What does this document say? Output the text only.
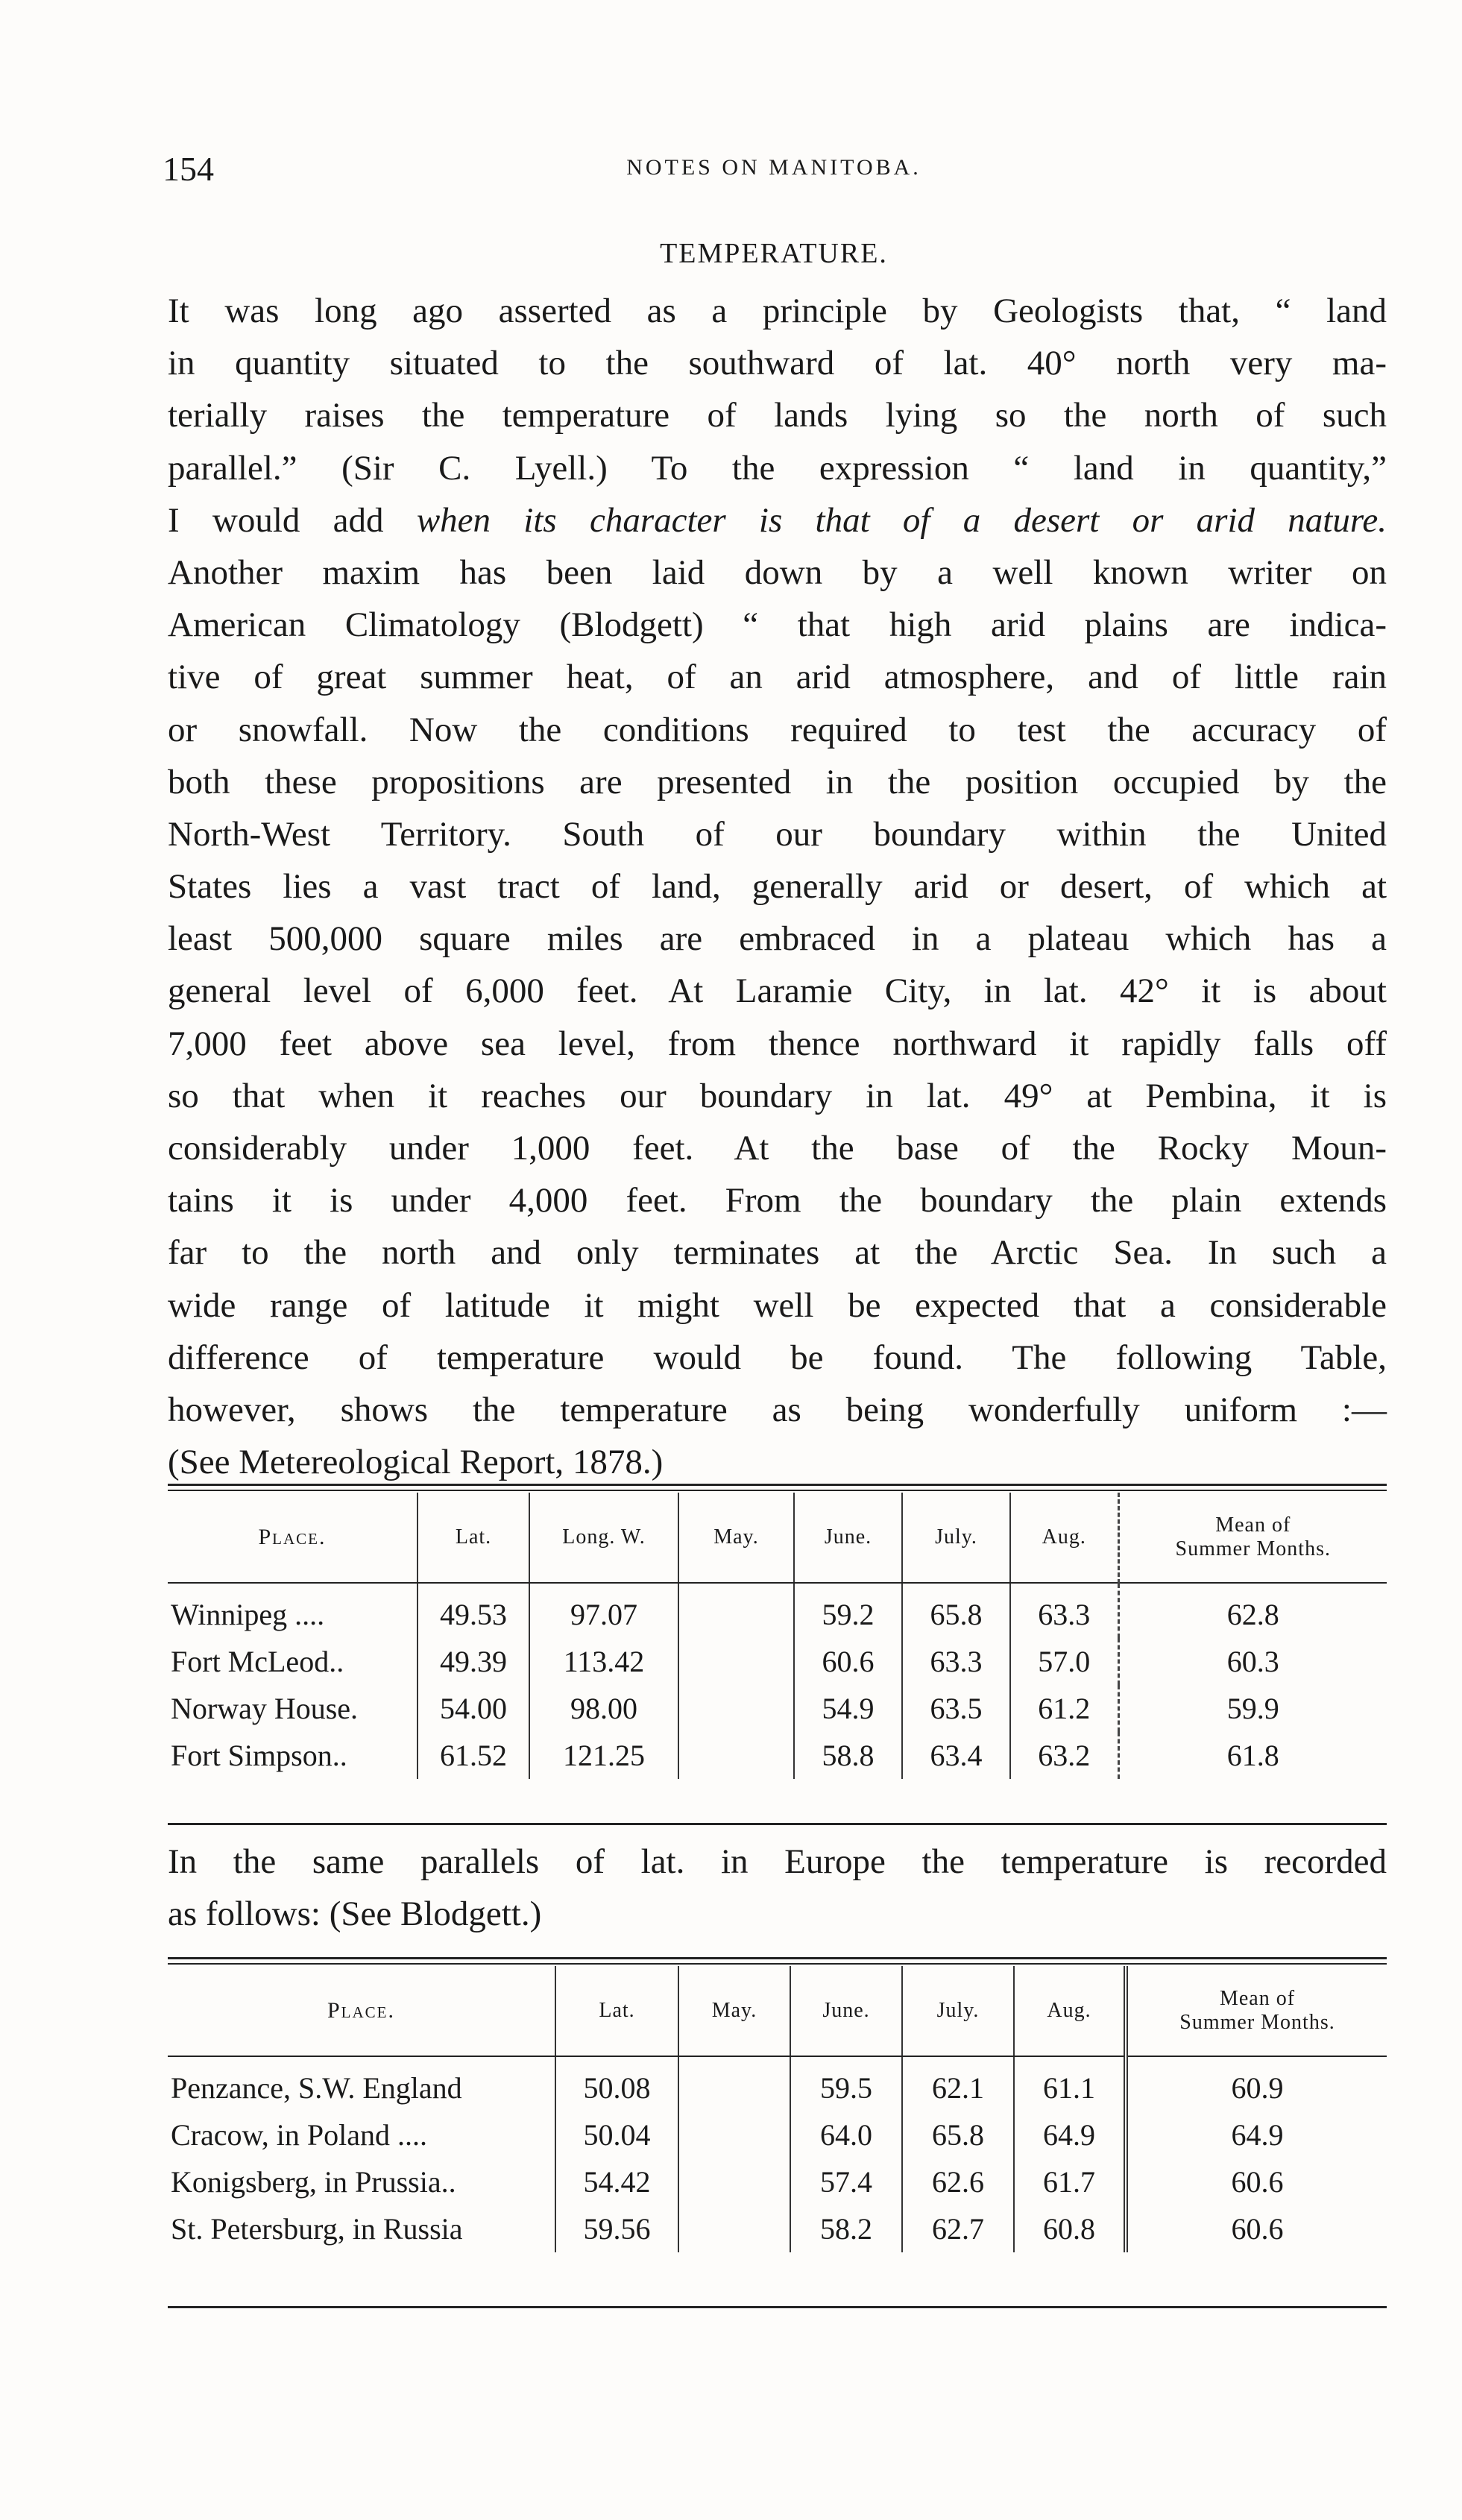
154	NOTES ON MANITOBA.
TEMPERATURE.
It was long ago asserted as a principle by Geologists that, “ land
in quantity situated to the southward of lat. 40° north very ma-
terially raises the temperature of lands lying so the north of such
parallel.” (Sir C. Lyell.) To the expression “ land in quantity,”
I would add when its character is that of a desert or arid nature.
Another maxim has been laid down by a well known writer on
American Climatology (Blodgett) “ that high arid plains are indica-
tive of great summer heat, of an arid atmosphere, and of little rain
or snowfall. Now the conditions required to test the accuracy of
both these propositions are presented in the position occupied by the
North-West Territory. South of our boundary within the United
States lies a vast tract of land, generally arid or desert, of which at
least 500,000 square miles are embraced in a plateau which has a
general level of 6,000 feet. At Laramie City, in lat. 42° it is about
7,000 feet above sea level, from thence northward it rapidly falls off
so that when it reaches our boundary in lat. 49° at Pembina, it is
considerably under 1,000 feet. At the base of the Rocky Moun-
tains it is under 4,000 feet. From the boundary the plain extends
far to the north and only terminates at the Arctic Sea. In such a
wide range of latitude it might well be expected that a considerable
difference of temperature would be found. The following Table,
however, shows the temperature as being wonderfully uniform :—
(See Metereological Report, 1878.)
Place.	Lat.	Long. W.	May.	June.	July.	Aug.	Mean of
Summer Months.
Winnipeg ....	49.53	97.07		59.2	65.8	63.3	62.8
Fort McLeod..	49.39	113.42		60.6	63.3	57.0	60.3
Norway House.	54.00	98.00		54.9	63.5	61.2	59.9
Fort Simpson..	61.52	121.25		58.8	63.4	63.2	61.8
In the same parallels of lat. in Europe the temperature is recorded
as follows: (See Blodgett.)
Place.	Lat.	May.	June.	July.	Aug.	Mean of
Summer Months.
Penzance, S.W. England	50.08		59.5	62.1	61.1	60.9
Cracow, in Poland ....	50.04		64.0	65.8	64.9	64.9
Konigsberg, in Prussia..	54.42		57.4	62.6	61.7	60.6
St. Petersburg, in Russia	59.56		58.2	62.7	60.8	60.6
